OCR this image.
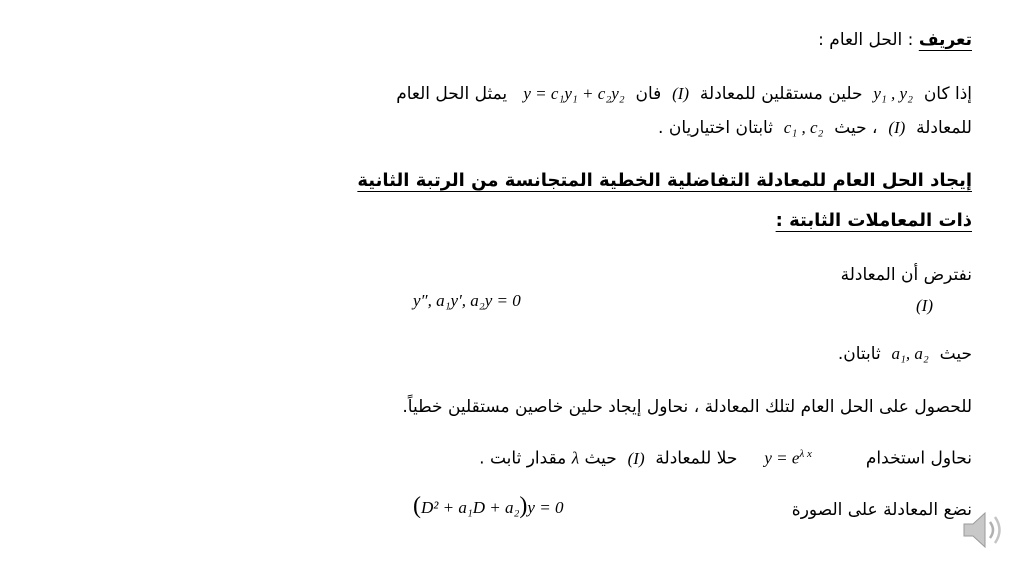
تعريف : الحل العام :
إذا كان  y₁ , y₂  حلين مستقلين للمعادلة  (I)  فان  y = c₁y₁ + c₂y₂   يمثل الحل العام
للمعادلة  (I)  ، حيث  c₁ , c₂  ثابتان اختياريان .
إيجاد الحل العام للمعادلة التفاضلية الخطية المتجانسة من الرتبة الثانية
ذات المعاملات الثابتة :
نفترض أن المعادلة
y″, a₁y′, a₂y = 0	(I)
حيث  a₁, a₂  ثابتان.
للحصول على الحل العام لتلك المعادلة ، نحاول إيجاد حلين خاصين مستقلين خطياً.
نحاول استخدام          $y = e^{\lambda x}$     حلا للمعادلة  (I)  حيث λ مقدار ثابت .
نضع المعادلة على الصورة
(D² + a₁D + a₂)y = 0
